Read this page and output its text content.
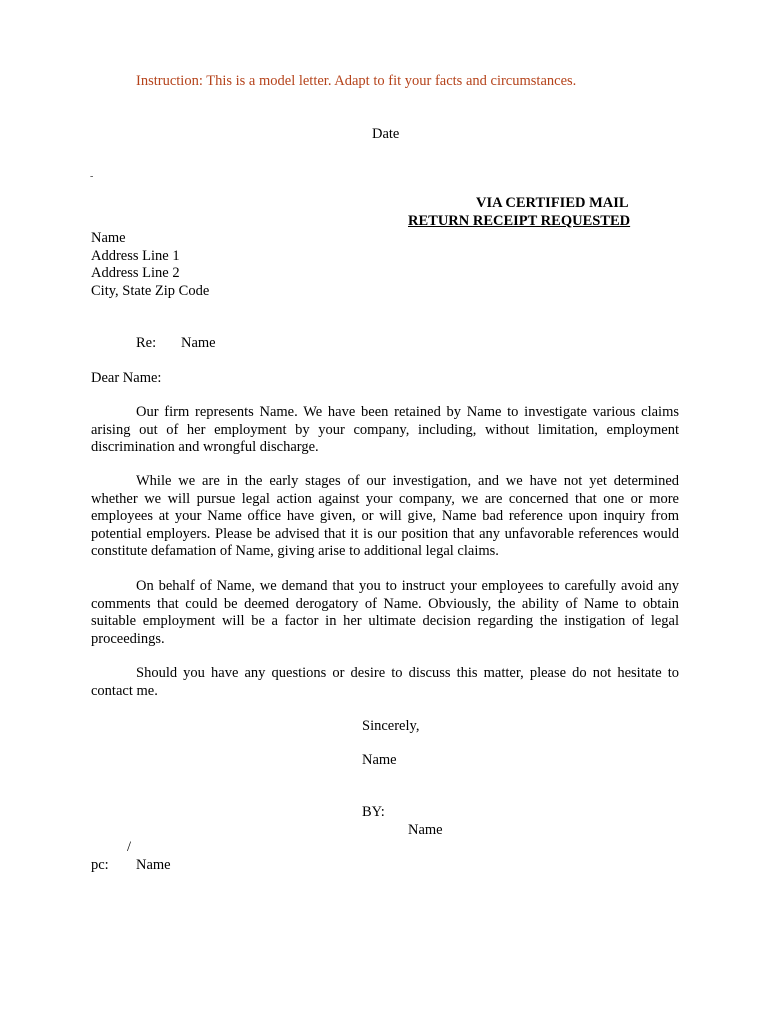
Instruction: This is a model letter. Adapt to fit your facts and circumstances.
Date
-
VIA CERTIFIED MAIL
RETURN RECEIPT REQUESTED
Name
Address Line 1
Address Line 2
City, State Zip Code
Re: Name
Dear Name:
Our firm represents Name. We have been retained by Name to investigate various claims arising out of her employment by your company, including, without limitation, employment discrimination and wrongful discharge.
While we are in the early stages of our investigation, and we have not yet determined whether we will pursue legal action against your company, we are concerned that one or more employees at your Name office have given, or will give, Name bad reference upon inquiry from potential employers. Please be advised that it is our position that any unfavorable references would constitute defamation of Name, giving arise to additional legal claims.
On behalf of Name, we demand that you to instruct your employees to carefully avoid any comments that could be deemed derogatory of Name. Obviously, the ability of Name to obtain suitable employment will be a factor in her ultimate decision regarding the instigation of legal proceedings.
Should you have any questions or desire to discuss this matter, please do not hesitate to contact me.
Sincerely,
Name
BY:
Name
/
pc: Name
